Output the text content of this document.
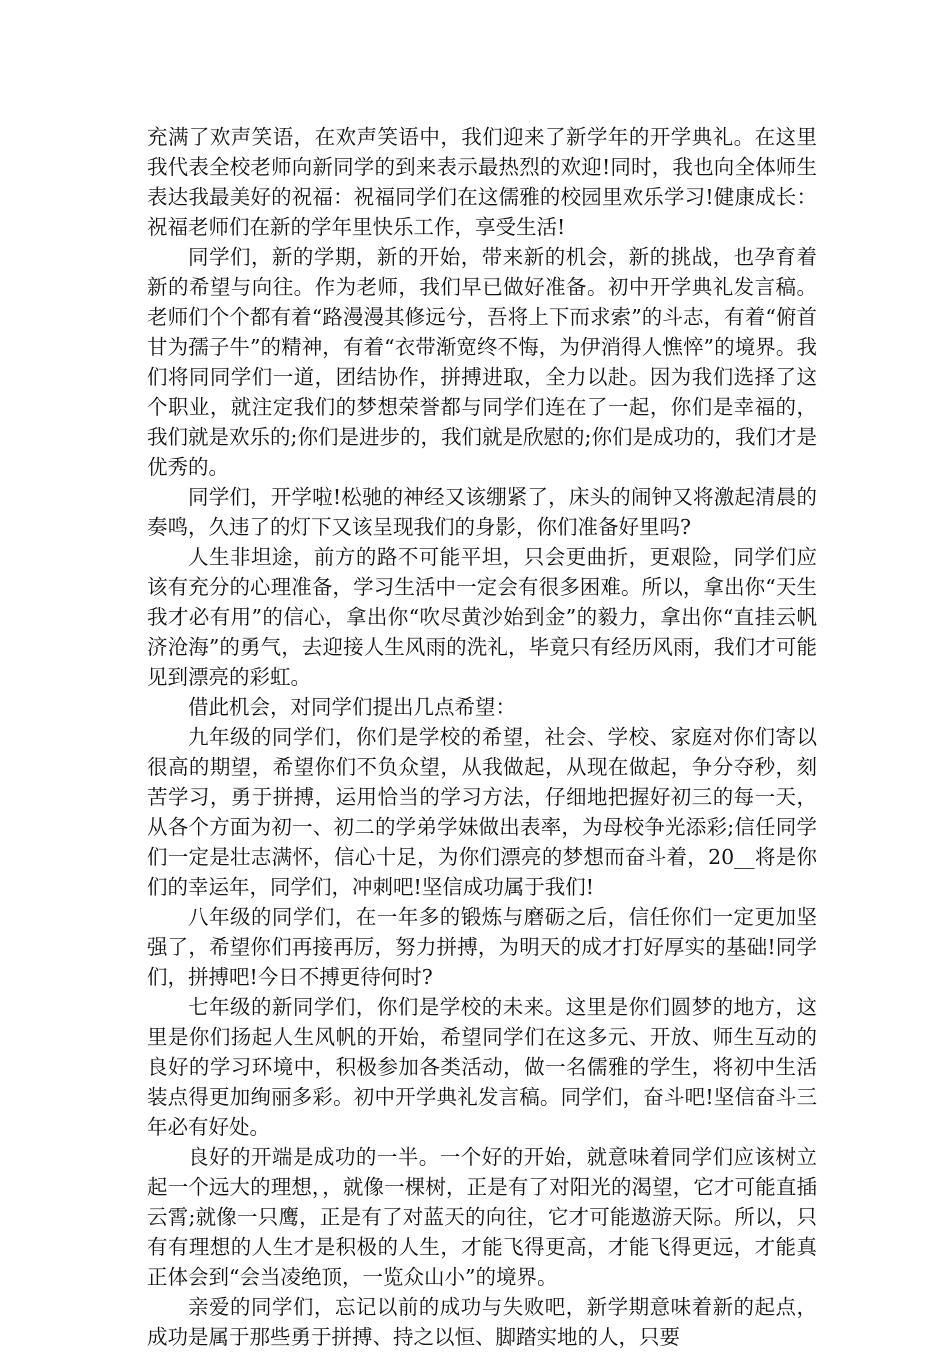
充满了欢声笑语，在欢声笑语中，我们迎来了新学年的开学典礼。在这里我代表全校老师向新同学的到来表示最热烈的欢迎!同时，我也向全体师生表达我最美好的祝福：祝福同学们在这儒雅的校园里欢乐学习!健康成长：祝福老师们在新的学年里快乐工作，享受生活!

同学们，新的学期，新的开始，带来新的机会，新的挑战，也孕育着新的希望与向往。作为老师，我们早已做好准备。初中开学典礼发言稿。老师们个个都有着“路漫漫其修远兮，吾将上下而求索”的斗志，有着“俯首甘为孺子牛”的精神，有着“衣带渐宽终不悔，为伊消得人憔悴”的境界。我们将同同学们一道，团结协作，拼搏进取，全力以赴。因为我们选择了这个职业，就注定我们的梦想荣誉都与同学们连在了一起，你们是幸福的，我们就是欢乐的;你们是进步的，我们就是欣慰的;你们是成功的，我们才是优秀的。

同学们，开学啦!松驰的神经又该绷紧了，床头的闹钟又将激起清晨的奏鸣，久违了的灯下又该呈现我们的身影，你们准备好里吗?

人生非坦途，前方的路不可能平坦，只会更曲折，更艰险，同学们应该有充分的心理准备，学习生活中一定会有很多困难。所以，拿出你“天生我才必有用”的信心，拿出你“吹尽黄沙始到金”的毅力，拿出你“直挂云帆济沧海”的勇气，去迎接人生风雨的洗礼，毕竟只有经历风雨，我们才可能见到漂亮的彩虹。

借此机会，对同学们提出几点希望：

九年级的同学们，你们是学校的希望，社会、学校、家庭对你们寄以很高的期望，希望你们不负众望，从我做起，从现在做起，争分夺秒，刻苦学习，勇于拼搏，运用恰当的学习方法，仔细地把握好初三的每一天，从各个方面为初一、初二的学弟学妹做出表率，为母校争光添彩;信任同学们一定是壮志满怀，信心十足，为你们漂亮的梦想而奋斗着，20__将是你们的幸运年，同学们，冲刺吧!坚信成功属于我们!

八年级的同学们，在一年多的锻炼与磨砺之后，信任你们一定更加坚强了，希望你们再接再厉，努力拼搏，为明天的成才打好厚实的基础!同学们，拼搏吧!今日不搏更待何时?

七年级的新同学们，你们是学校的未来。这里是你们圆梦的地方，这里是你们扬起人生风帆的开始，希望同学们在这多元、开放、师生互动的良好的学习环境中，积极参加各类活动，做一名儒雅的学生，将初中生活装点得更加绚丽多彩。初中开学典礼发言稿。同学们，奋斗吧!坚信奋斗三年必有好处。

良好的开端是成功的一半。一个好的开始，就意味着同学们应该树立起一个远大的理想，，就像一棵树，正是有了对阳光的渴望，它才可能直插云霄;就像一只鹰，正是有了对蓝天的向往，它才可能遨游天际。所以，只有有理想的人生才是积极的人生，才能飞得更高，才能飞得更远，才能真正体会到“会当凌绝顶，一览众山小”的境界。

亲爱的同学们，忘记以前的成功与失败吧，新学期意味着新的起点，成功是属于那些勇于拼搏、持之以恒、脚踏实地的人，只要
